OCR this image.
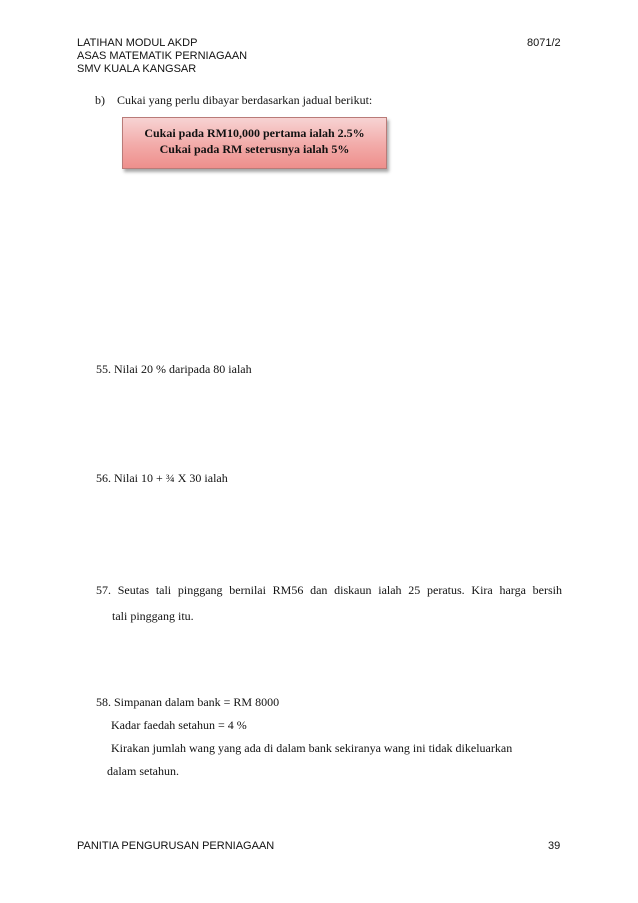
LATIHAN MODUL AKDP
ASAS MATEMATIK PERNIAGAAN
SMV KUALA KANGSAR
8071/2
b) Cukai yang perlu dibayar berdasarkan jadual berikut:
Cukai pada RM10,000 pertama ialah 2.5%
Cukai pada RM seterusnya ialah 5%
55. Nilai 20 % daripada 80 ialah
56. Nilai 10 + ¾ X 30 ialah
57. Seutas tali pinggang bernilai RM56 dan diskaun ialah 25 peratus. Kira harga bersih
tali pinggang itu.
58. Simpanan dalam bank = RM 8000
Kadar faedah setahun = 4 %
Kirakan jumlah wang yang ada di dalam bank sekiranya wang ini tidak dikeluarkan
dalam setahun.
PANITIA PENGURUSAN PERNIAGAAN	39
